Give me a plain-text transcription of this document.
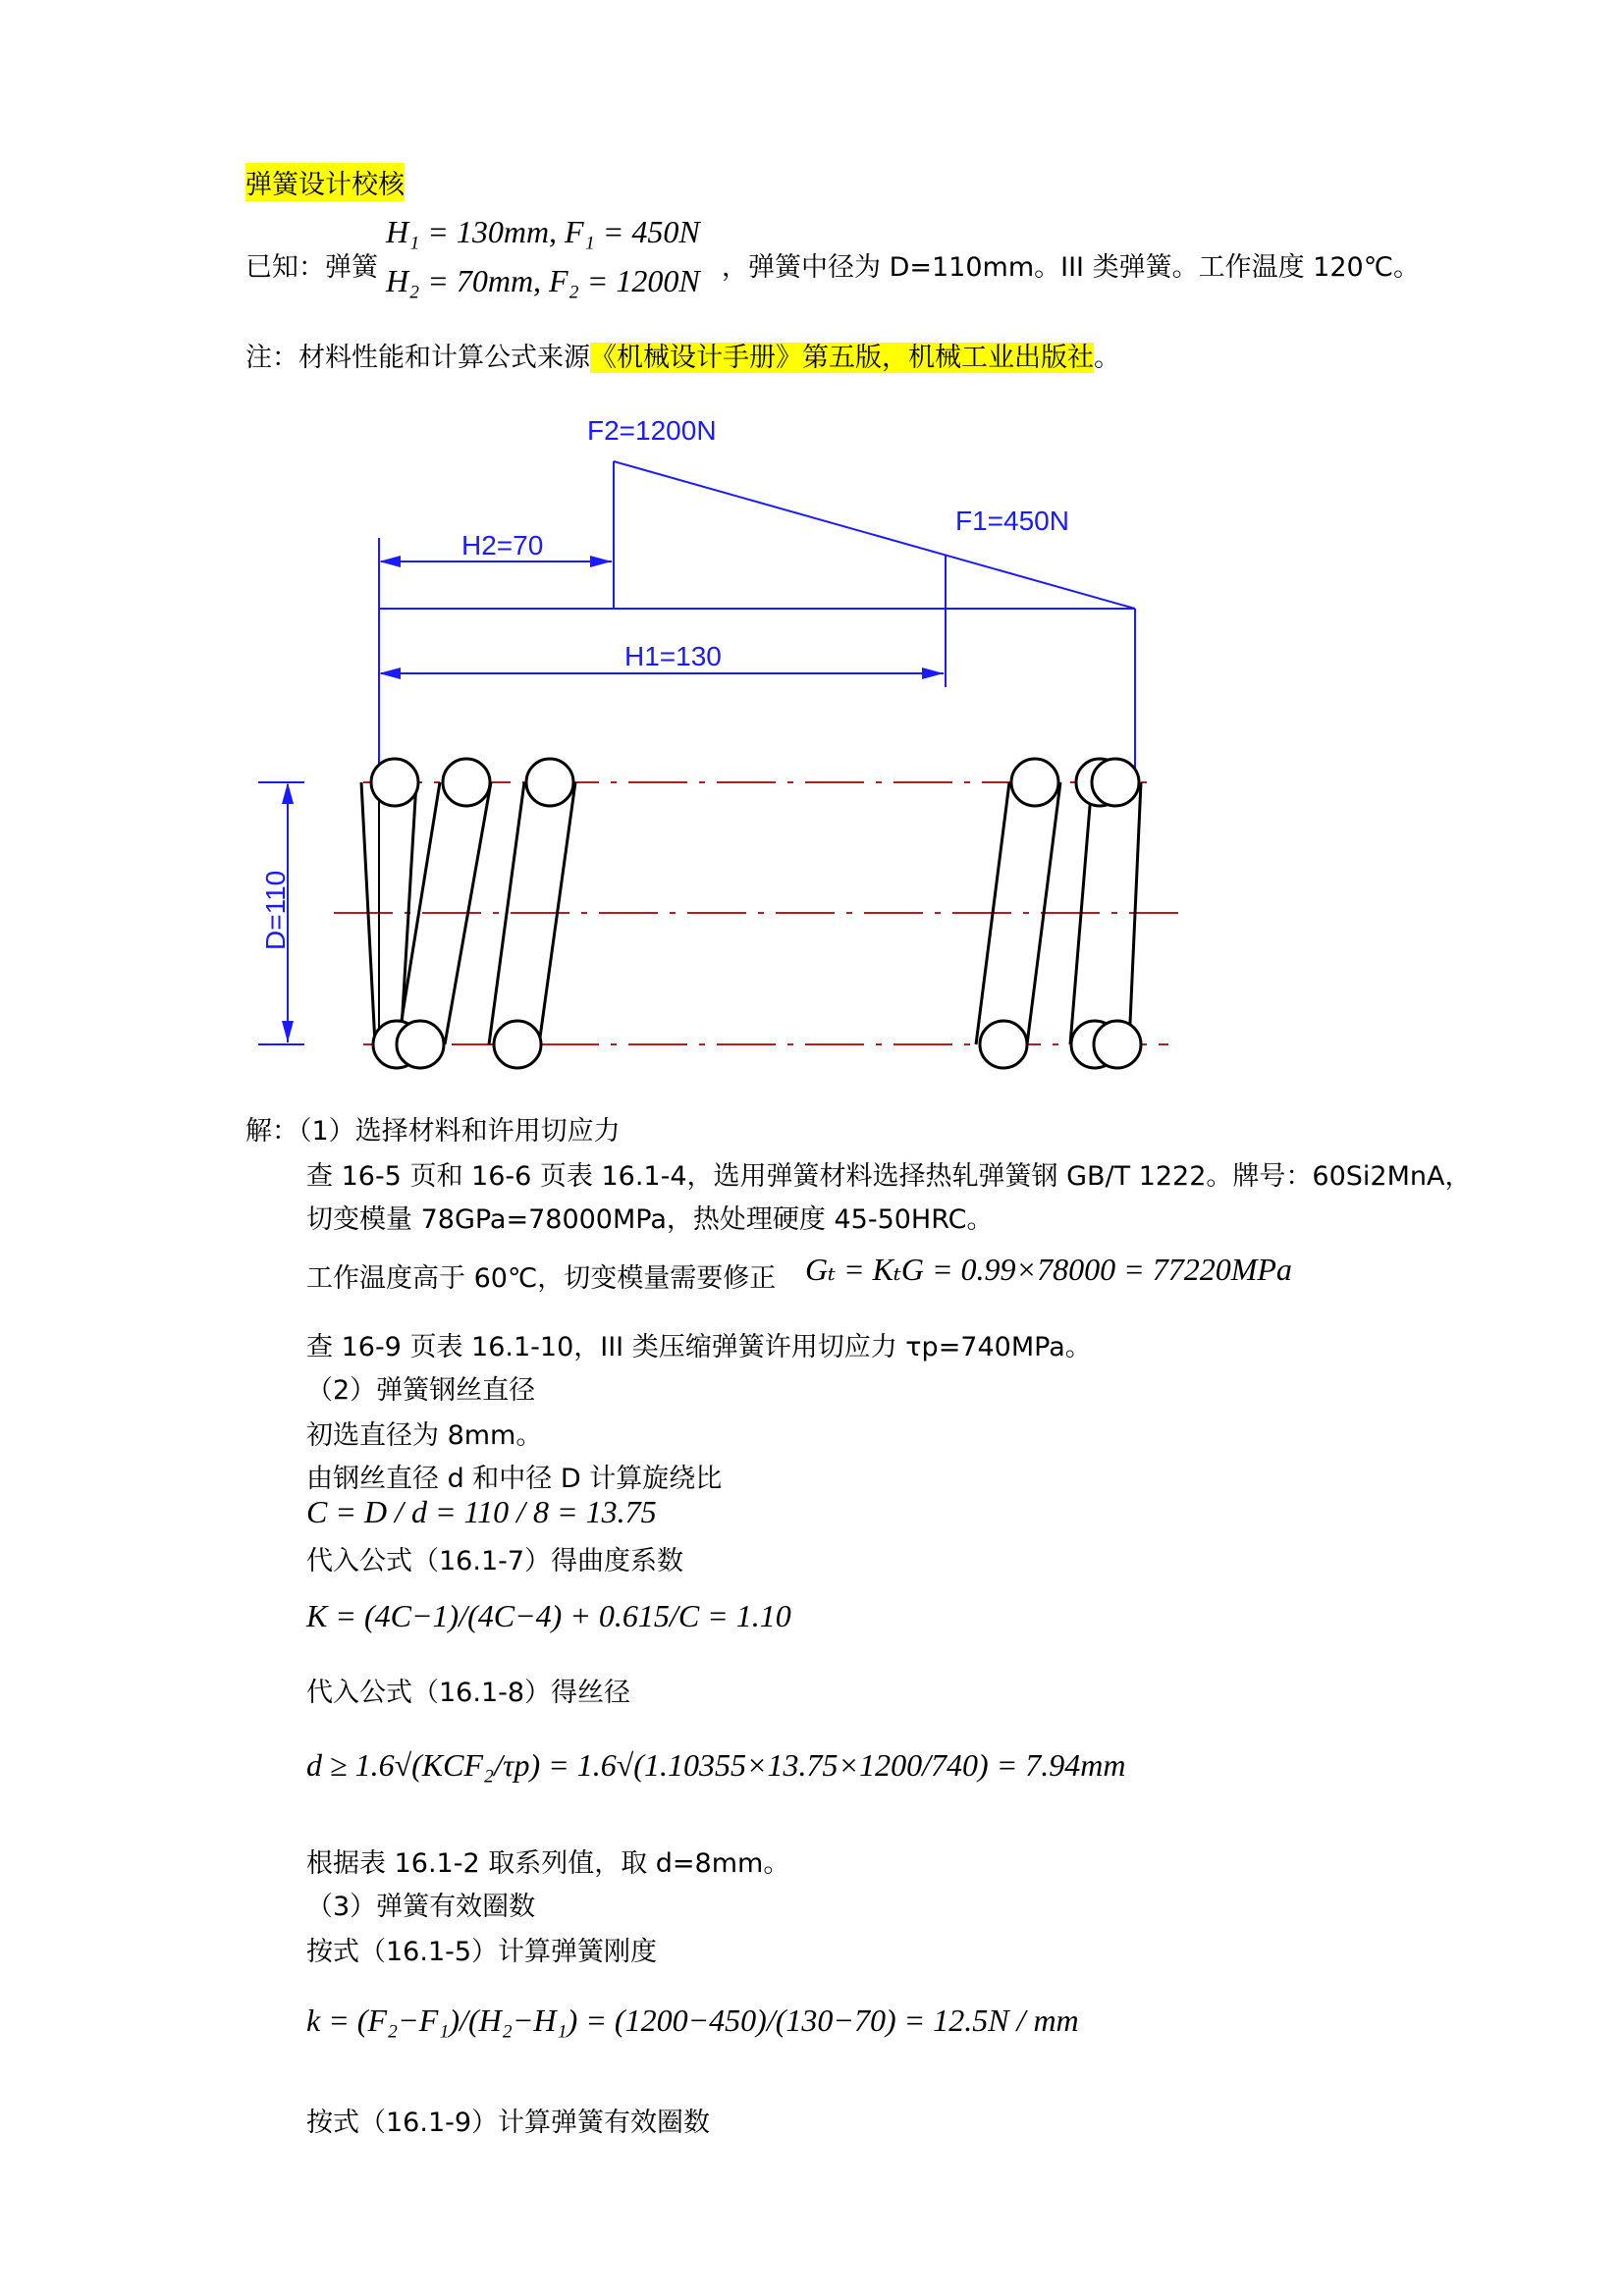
弹簧设计校核
已知：弹簧
H₁ = 130mm, F₁ = 450N
H₂ = 70mm, F₂ = 1200N ，弹簧中径为 D=110mm。III 类弹簧。工作温度 120℃。
注：材料性能和计算公式来源《机械设计手册》第五版，机械工业出版社。
F2=1200N
F1=450N
H2=70
H1=130
D=110
解：（1）选择材料和许用切应力
查 16-5 页和 16-6 页表 16.1-4，选用弹簧材料选择热轧弹簧钢 GB/T 1222。牌号：60Si2MnA，
切变模量 78GPa=78000MPa，热处理硬度 45-50HRC。
工作温度高于 60℃，切变模量需要修正 Gₜ = KₜG = 0.99×78000 = 77220MPa
查 16-9 页表 16.1-10，III 类压缩弹簧许用切应力 τp=740MPa。
（2）弹簧钢丝直径
初选直径为 8mm。
由钢丝直径 d 和中径 D 计算旋绕比
C = D / d = 110 / 8 = 13.75
代入公式（16.1-7）得曲度系数
K = (4C−1)/(4C−4) + 0.615/C = 1.10
代入公式（16.1-8）得丝径
d ≥ 1.6√(KCF₂/τp) = 1.6√(1.10355×13.75×1200/740) = 7.94mm
根据表 16.1-2 取系列值，取 d=8mm。
（3）弹簧有效圈数
按式（16.1-5）计算弹簧刚度
k = (F₂−F₁)/(H₂−H₁) = (1200−450)/(130−70) = 12.5N / mm
按式（16.1-9）计算弹簧有效圈数
